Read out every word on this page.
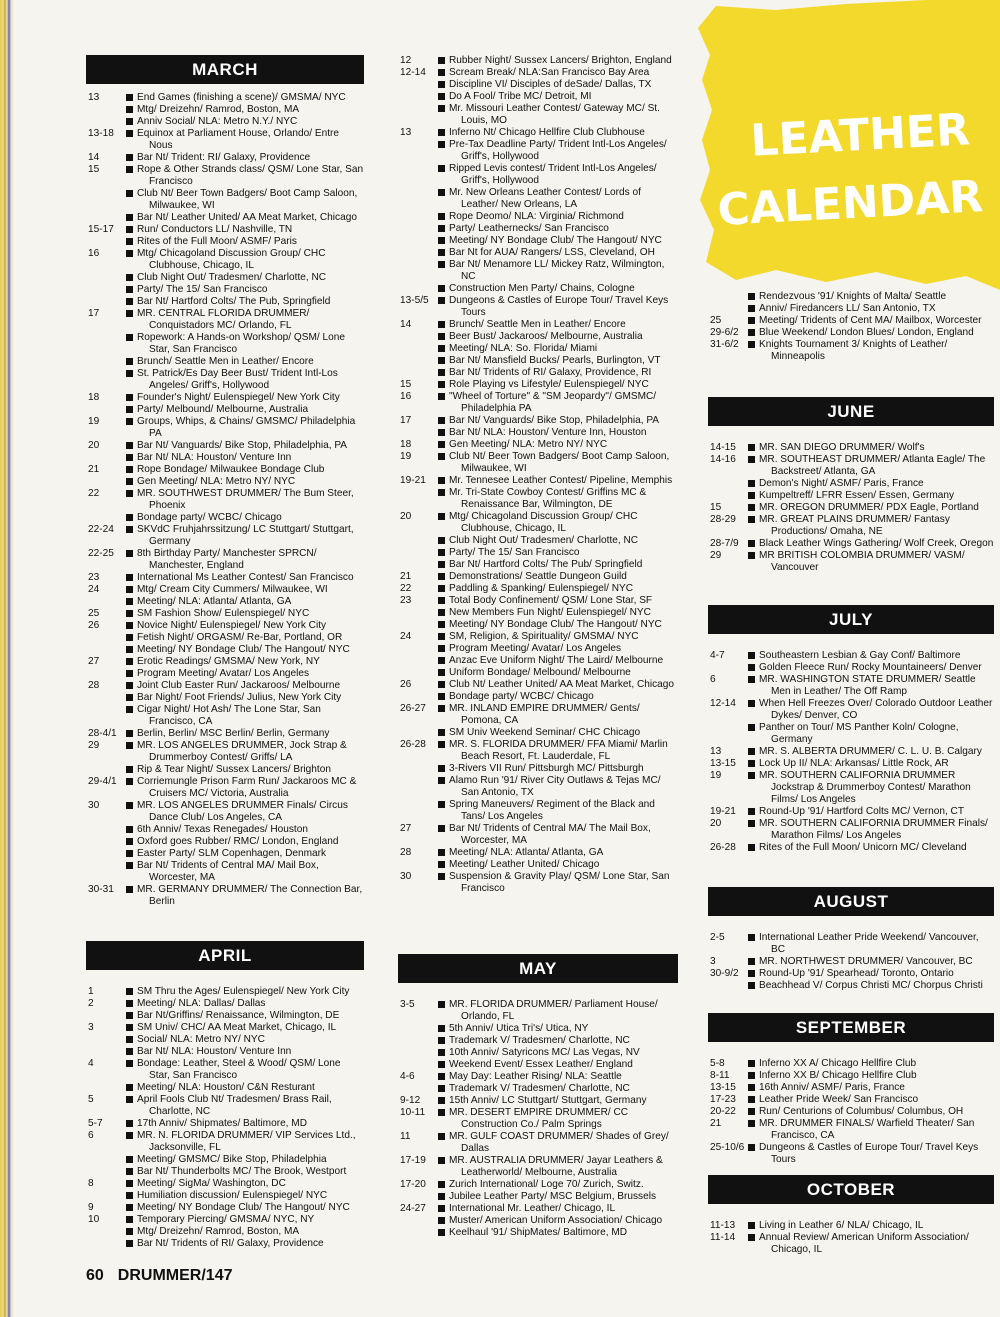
LEATHER
CALENDAR
MARCH
13	End Games (finishing a scene)/ GMSMA/ NYC
Mtg/ Dreizehn/ Ramrod, Boston, MA
Anniv Social/ NLA: Metro N.Y./ NYC
13-18	Equinox at Parliament House, Orlando/ Entre Nous
14	Bar Nt/ Trident: RI/ Galaxy, Providence
15	Rope & Other Strands class/ QSM/ Lone Star, San Francisco
Club Nt/ Beer Town Badgers/ Boot Camp Saloon, Milwaukee, WI
Bar Nt/ Leather United/ AA Meat Market, Chicago
15-17	Run/ Conductors LL/ Nashville, TN
Rites of the Full Moon/ ASMF/ Paris
16	Mtg/ Chicagoland Discussion Group/ CHC Clubhouse, Chicago, IL
Club Night Out/ Tradesmen/ Charlotte, NC
Party/ The 15/ San Francisco
Bar Nt/ Hartford Colts/ The Pub, Springfield
17	MR. CENTRAL FLORIDA DRUMMER/ Conquistadors MC/ Orlando, FL
Ropework: A Hands-on Workshop/ QSM/ Lone Star, San Francisco
Brunch/ Seattle Men in Leather/ Encore
St. Patrick/Es Day Beer Bust/ Trident Intl-Los Angeles/ Griff's, Hollywood
18	Founder's Night/ Eulenspiegel/ New York City
Party/ Melbound/ Melbourne, Australia
19	Groups, Whips, & Chains/ GMSMC/ Philadelphia PA
20	Bar Nt/ Vanguards/ Bike Stop, Philadelphia, PA
Bar Nt/ NLA: Houston/ Venture Inn
21	Rope Bondage/ Milwaukee Bondage Club
Gen Meeting/ NLA: Metro NY/ NYC
22	MR. SOUTHWEST DRUMMER/ The Bum Steer, Phoenix
Bondage party/ WCBC/ Chicago
22-24	SKVdC Fruhjahrssitzung/ LC Stuttgart/ Stuttgart, Germany
22-25	8th Birthday Party/ Manchester SPRCN/ Manchester, England
23	International Ms Leather Contest/ San Francisco
24	Mtg/ Cream City Cummers/ Milwaukee, WI
Meeting/ NLA: Atlanta/ Atlanta, GA
25	SM Fashion Show/ Eulenspiegel/ NYC
26	Novice Night/ Eulenspiegel/ New York City
Fetish Night/ ORGASM/ Re-Bar, Portland, OR
Meeting/ NY Bondage Club/ The Hangout/ NYC
27	Erotic Readings/ GMSMA/ New York, NY
Program Meeting/ Avatar/ Los Angeles
28	Joint Club Easter Run/ Jackaroos/ Melbourne
Bar Night/ Foot Friends/ Julius, New York City
Cigar Night/ Hot Ash/ The Lone Star, San Francisco, CA
28-4/1	Berlin, Berlin/ MSC Berlin/ Berlin, Germany
29	MR. LOS ANGELES DRUMMER, Jock Strap & Drummerboy Contest/ Griffs/ LA
Rip & Tear Night/ Sussex Lancers/ Brighton
29-4/1	Corriemungle Prison Farm Run/ Jackaroos MC & Cruisers MC/ Victoria, Australia
30	MR. LOS ANGELES DRUMMER Finals/ Circus Dance Club/ Los Angeles, CA
6th Anniv/ Texas Renegades/ Houston
Oxford goes Rubber/ RMC/ London, England
Easter Party/ SLM Copenhagen, Denmark
Bar Nt/ Tridents of Central MA/ Mail Box, Worcester, MA
30-31	MR. GERMANY DRUMMER/ The Connection Bar, Berlin
APRIL
1	SM Thru the Ages/ Eulenspiegel/ New York City
2	Meeting/ NLA: Dallas/ Dallas
Bar Nt/Griffins/ Renaissance, Wilmington, DE
3	SM Univ/ CHC/ AA Meat Market, Chicago, IL
Social/ NLA: Metro NY/ NYC
Bar Nt/ NLA: Houston/ Venture Inn
4	Bondage: Leather, Steel & Wood/ QSM/ Lone Star, San Francisco
Meeting/ NLA: Houston/ C&N Resturant
5	April Fools Club Nt/ Tradesmen/ Brass Rail, Charlotte, NC
5-7	17th Anniv/ Shipmates/ Baltimore, MD
6	MR. N. FLORIDA DRUMMER/ VIP Services Ltd., Jacksonville, FL
Meeting/ GMSMC/ Bike Stop, Philadelphia
Bar Nt/ Thunderbolts MC/ The Brook, Westport
8	Meeting/ SigMa/ Washington, DC
Humiliation discussion/ Eulenspiegel/ NYC
9	Meeting/ NY Bondage Club/ The Hangout/ NYC
10	Temporary Piercing/ GMSMA/ NYC, NY
Mtg/ Dreizehn/ Ramrod, Boston, MA
Bar Nt/ Tridents of RI/ Galaxy, Providence
12	Rubber Night/ Sussex Lancers/ Brighton, England
12-14	Scream Break/ NLA:San Francisco Bay Area
Discipline VI/ Disciples of deSade/ Dallas, TX
Do A Fool/ Tribe MC/ Detroit, MI
Mr. Missouri Leather Contest/ Gateway MC/ St. Louis, MO
13	Inferno Nt/ Chicago Hellfire Club Clubhouse
Pre-Tax Deadline Party/ Trident Intl-Los Angeles/ Griff's, Hollywood
Ripped Levis contest/ Trident Intl-Los Angeles/ Griff's, Hollywood
Mr. New Orleans Leather Contest/ Lords of Leather/ New Orleans, LA
Rope Deomo/ NLA: Virginia/ Richmond
Party/ Leathernecks/ San Francisco
Meeting/ NY Bondage Club/ The Hangout/ NYC
Bar Nt for AUA/ Rangers/ LSS, Cleveland, OH
Bar Nt/ Menamore LL/ Mickey Ratz, Wilmington, NC
Construction Men Party/ Chains, Cologne
13-5/5	Dungeons & Castles of Europe Tour/ Travel Keys Tours
14	Brunch/ Seattle Men in Leather/ Encore
Beer Bust/ Jackaroos/ Melbourne, Australia
Meeting/ NLA: So. Florida/ Miami
Bar Nt/ Mansfield Bucks/ Pearls, Burlington, VT
Bar Nt/ Tridents of RI/ Galaxy, Providence, RI
15	Role Playing vs Lifestyle/ Eulenspiegel/ NYC
16	"Wheel of Torture" & "SM Jeopardy"/ GMSMC/ Philadelphia PA
17	Bar Nt/ Vanguards/ Bike Stop, Philadelphia, PA
Bar Nt/ NLA: Houston/ Venture Inn, Houston
18	Gen Meeting/ NLA: Metro NY/ NYC
19	Club Nt/ Beer Town Badgers/ Boot Camp Saloon, Milwaukee, WI
19-21	Mr. Tennesee Leather Contest/ Pipeline, Memphis
Mr. Tri-State Cowboy Contest/ Griffins MC & Renaissance Bar, Wilmington, DE
20	Mtg/ Chicagoland Discussion Group/ CHC Clubhouse, Chicago, IL
Club Night Out/ Tradesmen/ Charlotte, NC
Party/ The 15/ San Francisco
Bar Nt/ Hartford Colts/ The Pub/ Springfield
21	Demonstrations/ Seattle Dungeon Guild
22	Paddling & Spanking/ Eulenspiegel/ NYC
23	Total Body Confinement/ QSM/ Lone Star, SF
New Members Fun Night/ Eulenspiegel/ NYC
Meeting/ NY Bondage Club/ The Hangout/ NYC
24	SM, Religion, & Spirituality/ GMSMA/ NYC
Program Meeting/ Avatar/ Los Angeles
Anzac Eve Uniform Night/ The Laird/ Melbourne
Uniform Bondage/ Melbound/ Melbourne
26	Club Nt/ Leather United/ AA Meat Market, Chicago
Bondage party/ WCBC/ Chicago
26-27	MR. INLAND EMPIRE DRUMMER/ Gents/ Pomona, CA
SM Univ Weekend Seminar/ CHC Chicago
26-28	MR. S. FLORIDA DRUMMER/ FFA Miami/ Marlin Beach Resort, Ft. Lauderdale, FL
3-Rivers VII Run/ Pittsburgh MC/ Pittsburgh
Alamo Run '91/ River City Outlaws & Tejas MC/ San Antonio, TX
Spring Maneuvers/ Regiment of the Black and Tans/ Los Angeles
27	Bar Nt/ Tridents of Central MA/ The Mail Box, Worcester, MA
28	Meeting/ NLA: Atlanta/ Atlanta, GA
Meeting/ Leather United/ Chicago
30	Suspension & Gravity Play/ QSM/ Lone Star, San Francisco
MAY
3-5	MR. FLORIDA DRUMMER/ Parliament House/ Orlando, FL
5th Anniv/ Utica Tri's/ Utica, NY
Trademark V/ Tradesmen/ Charlotte, NC
10th Anniv/ Satyricons MC/ Las Vegas, NV
Weekend Event/ Essex Leather/ England
4-6	May Day: Leather Rising/ NLA: Seattle
Trademark V/ Tradesmen/ Charlotte, NC
9-12	15th Anniv/ LC Stuttgart/ Stuttgart, Germany
10-11	MR. DESERT EMPIRE DRUMMER/ CC Construction Co./ Palm Springs
11	MR. GULF COAST DRUMMER/ Shades of Grey/ Dallas
17-19	MR. AUSTRALIA DRUMMER/ Jayar Leathers & Leatherworld/ Melbourne, Australia
17-20	Zurich International/ Loge 70/ Zurich, Switz.
Jubilee Leather Party/ MSC Belgium, Brussels
24-27	International Mr. Leather/ Chicago, IL
Muster/ American Uniform Association/ Chicago
Keelhaul '91/ ShipMates/ Baltimore, MD
Rendezvous '91/ Knights of Malta/ Seattle
Anniv/ Firedancers LL/ San Antonio, TX
25	Meeting/ Tridents of Cent MA/ Mailbox, Worcester
29-6/2	Blue Weekend/ London Blues/ London, England
31-6/2	Knights Tournament 3/ Knights of Leather/ Minneapolis
JUNE
14-15	MR. SAN DIEGO DRUMMER/ Wolf's
14-16	MR. SOUTHEAST DRUMMER/ Atlanta Eagle/ The Backstreet/ Atlanta, GA
Demon's Night/ ASMF/ Paris, France
Kumpeltreff/ LFRR Essen/ Essen, Germany
15	MR. OREGON DRUMMER/ PDX Eagle, Portland
28-29	MR. GREAT PLAINS DRUMMER/ Fantasy Productions/ Omaha, NE
28-7/9	Black Leather Wings Gathering/ Wolf Creek, Oregon
29	MR BRITISH COLOMBIA DRUMMER/ VASM/ Vancouver
JULY
4-7	Southeastern Lesbian & Gay Conf/ Baltimore
Golden Fleece Run/ Rocky Mountaineers/ Denver
6	MR. WASHINGTON STATE DRUMMER/ Seattle Men in Leather/ The Off Ramp
12-14	When Hell Freezes Over/ Colorado Outdoor Leather Dykes/ Denver, CO
Panther on Tour/ MS Panther Koln/ Cologne, Germany
13	MR. S. ALBERTA DRUMMER/ C. L. U. B. Calgary
13-15	Lock Up II/ NLA: Arkansas/ Little Rock, AR
19	MR. SOUTHERN CALIFORNIA DRUMMER Jockstrap & Drummerboy Contest/ Marathon Films/ Los Angeles
19-21	Round-Up '91/ Hartford Colts MC/ Vernon, CT
20	MR. SOUTHERN CALIFORNIA DRUMMER Finals/ Marathon Films/ Los Angeles
26-28	Rites of the Full Moon/ Unicorn MC/ Cleveland
AUGUST
2-5	International Leather Pride Weekend/ Vancouver, BC
3	MR. NORTHWEST DRUMMER/ Vancouver, BC
30-9/2	Round-Up '91/ Spearhead/ Toronto, Ontario
Beachhead V/ Corpus Christi MC/ Chorpus Christi
SEPTEMBER
5-8	Inferno XX A/ Chicago Hellfire Club
8-11	Inferno XX B/ Chicago Hellfire Club
13-15	16th Anniv/ ASMF/ Paris, France
17-23	Leather Pride Week/ San Francisco
20-22	Run/ Centurions of Columbus/ Columbus, OH
21	MR. DRUMMER FINALS/ Warfield Theater/ San Francisco, CA
25-10/6	Dungeons & Castles of Europe Tour/ Travel Keys Tours
OCTOBER
11-13	Living in Leather 6/ NLA/ Chicago, IL
11-14	Annual Review/ American Uniform Association/ Chicago, IL
60 DRUMMER/147
